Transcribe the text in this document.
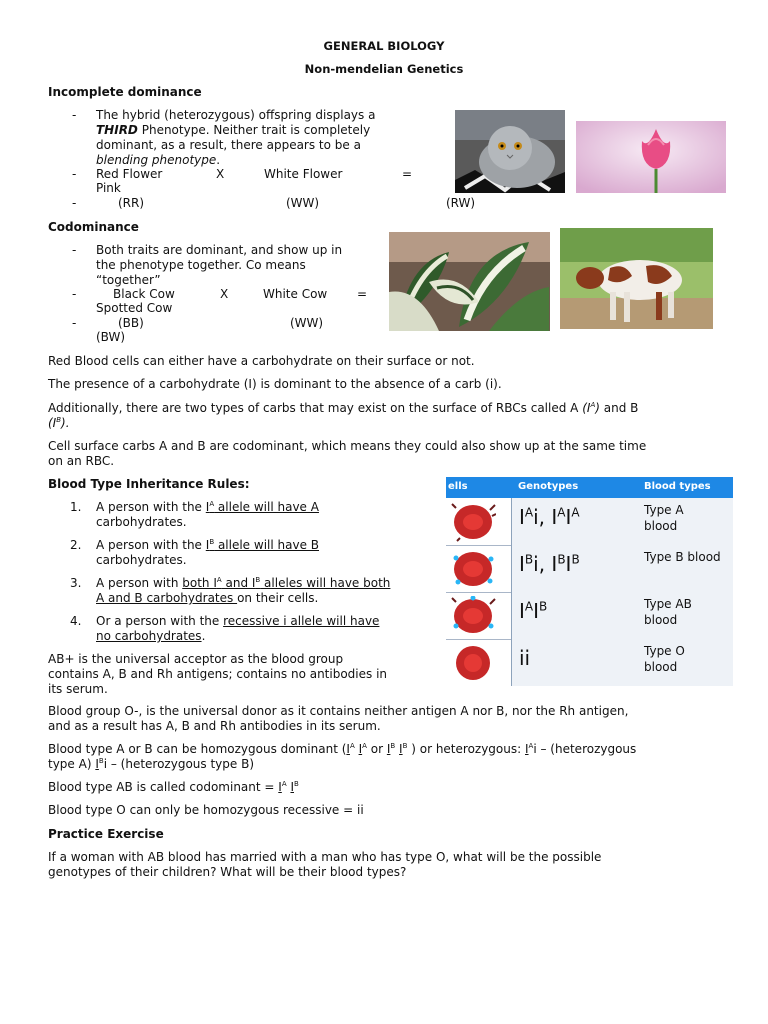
GENERAL BIOLOGY
Non-mendelian Genetics
Incomplete dominance
- The hybrid (heterozygous) offspring displays a
THIRD Phenotype. Neither trait is completely
dominant, as a result, there appears to be a
blending phenotype.
- Red Flower	X	White Flower	=
Pink
-	(RR)	(WW)	(RW)
Codominance
- Both traits are dominant, and show up in
the phenotype together. Co means
“together”
-	Black Cow	X	White Cow =
Spotted Cow
-	(BB)	(WW)
(BW)
Red Blood cells can either have a carbohydrate on their surface or not.
The presence of a carbohydrate (I) is dominant to the absence of a carb (i).
Additionally, there are two types of carbs that may exist on the surface of RBCs called A $(I^A)$ and B
$(I^B)$.
Cell surface carbs A and B are codominant, which means they could also show up at the same time
on an RBC.
Blood Type Inheritance Rules:
1. A person with the $I^A$ allele will have A
carbohydrates.
2. A person with the $I^B$ allele will have B
carbohydrates.
3. A person with both $I^A$ and $I^B$ alleles will have both
A and B carbohydrates on their cells.
4. Or a person with the recessive i allele will have
no carbohydrates.
ells	Genotypes	Blood types
$I^Ai$, $I^AI^A$	Type A blood
$I^Bi$, $I^BI^B$	Type B blood
$I^AI^B$	Type AB blood
ii	Type O blood
AB+ is the universal acceptor as the blood group
contains A, B and Rh antigens; contains no antibodies in
its serum.
Blood group O-, is the universal donor as it contains neither antigen A nor B, nor the Rh antigen,
and as a result has A, B and Rh antibodies in its serum.
Blood type A or B can be homozygous dominant ($I^A$ $I^A$ or $I^B$ $I^B$ ) or heterozygous: $I^Ai$ – (heterozygous
type A) $I^Bi$ – (heterozygous type B)
Blood type AB is called codominant = $I^A$ $I^B$
Blood type O can only be homozygous recessive = ii
Practice Exercise
If a woman with AB blood has married with a man who has type O, what will be the possible
genotypes of their children? What will be their blood types?
